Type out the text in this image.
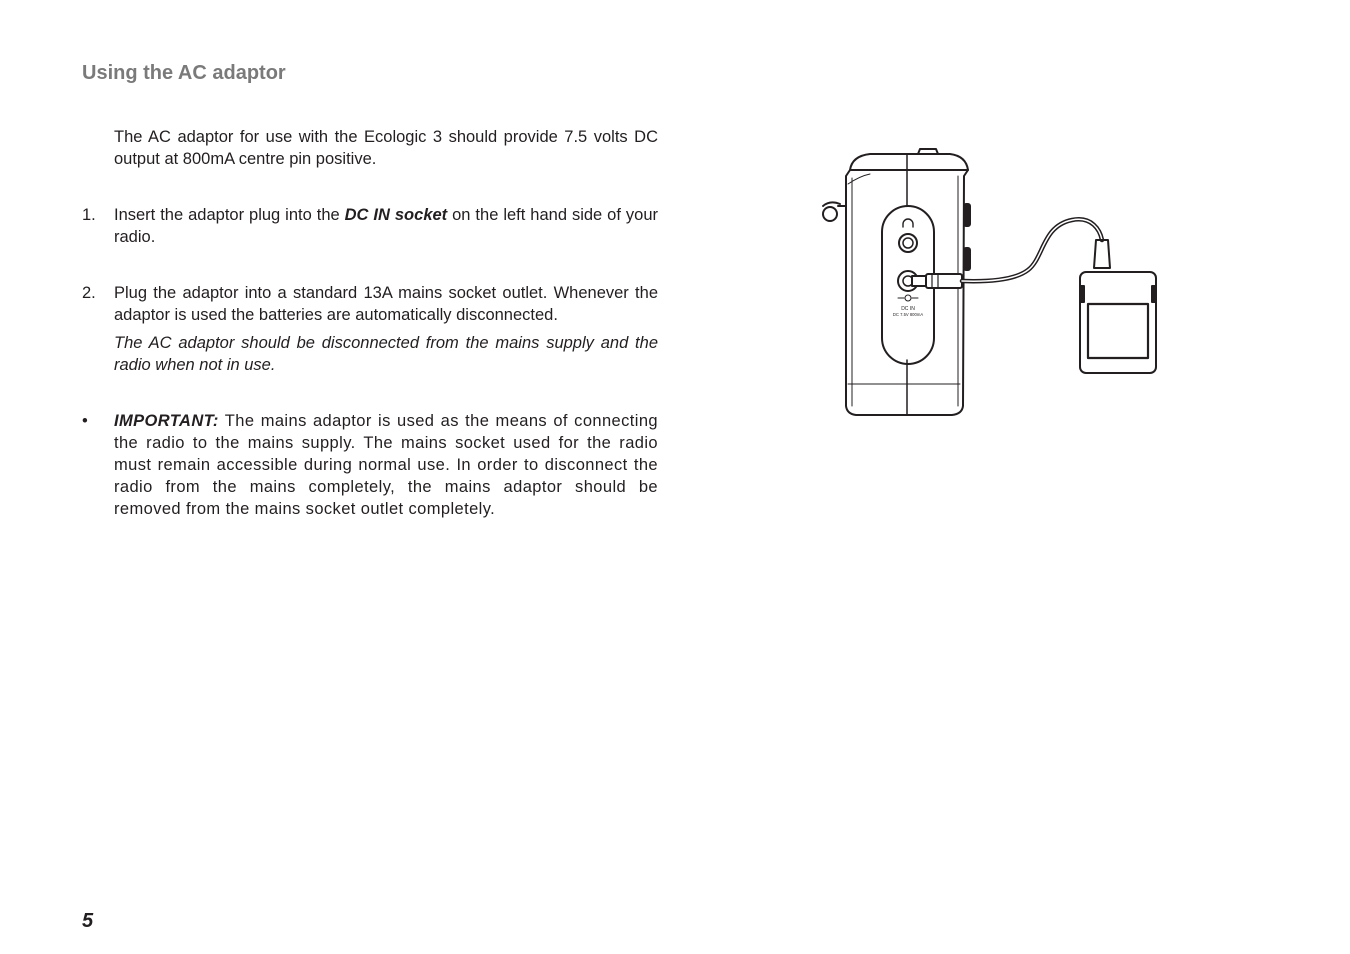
Using the AC adaptor
The AC adaptor for use with the Ecologic 3 should provide 7.5 volts DC output at 800mA centre pin positive.
1. Insert the adaptor plug into the DC IN socket on the left hand side of your radio.
2. Plug the adaptor into a standard 13A mains socket outlet. Whenever the adaptor is used the batteries are automatically disconnected.
The AC adaptor should be disconnected from the mains supply and the radio when not in use.
• IMPORTANT: The mains adaptor is used as the means of connecting the radio to the mains supply. The mains socket used for the radio must remain accessible during normal use. In order to disconnect the radio from the mains completely, the mains adaptor should be removed from the mains socket outlet completely.
DC IN
DC 7.5V 800mA
5
